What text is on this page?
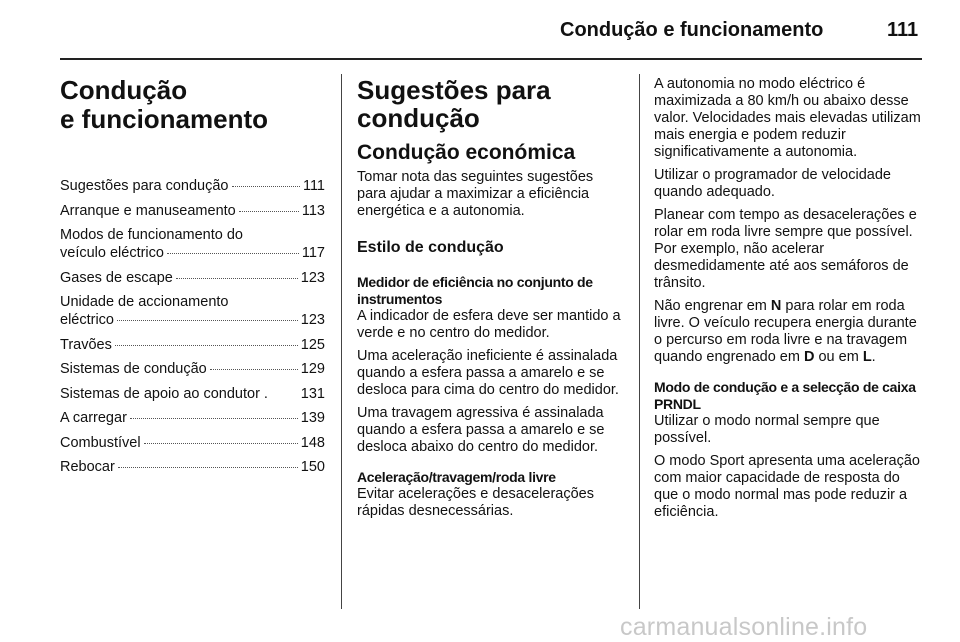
Condução e funcionamento	111
Condução
e funcionamento
Sugestões para condução	111
Arranque e manuseamento	113
Modos de funcionamento do
veículo eléctrico	117
Gases de escape	123
Unidade de accionamento
eléctrico	123
Travões	125
Sistemas de condução	129
Sistemas de apoio ao condutor . 131
A carregar	139
Combustível	148
Rebocar	150
Sugestões para
condução
Condução económica

Tomar nota das seguintes sugestões para ajudar a maximizar a eficiência energética e a autonomia.

Estilo de condução

Medidor de eficiência no conjunto de instrumentos

A indicador de esfera deve ser mantido a verde e no centro do medidor.

Uma aceleração ineficiente é assinalada quando a esfera passa a amarelo e se desloca para cima do centro do medidor.

Uma travagem agressiva é assinalada quando a esfera passa a amarelo e se desloca abaixo do centro do medidor.

Aceleração/travagem/roda livre

Evitar acelerações e desacelerações rápidas desnecessárias.

A autonomia no modo eléctrico é maximizada a 80 km/h ou abaixo desse valor. Velocidades mais elevadas utilizam mais energia e podem reduzir significativamente a autonomia.

Utilizar o programador de velocidade quando adequado.

Planear com tempo as desacelerações e rolar em roda livre sempre que possível. Por exemplo, não acelerar desmedidamente até aos semáforos de trânsito.

Não engrenar em N para rolar em roda livre. O veículo recupera energia durante o percurso em roda livre e na travagem quando engrenado em D ou em L.

Modo de condução e a selecção de caixa PRNDL

Utilizar o modo normal sempre que possível.

O modo Sport apresenta uma aceleração com maior capacidade de resposta do que o modo normal mas pode reduzir a eficiência.

carmanualsonline.info
